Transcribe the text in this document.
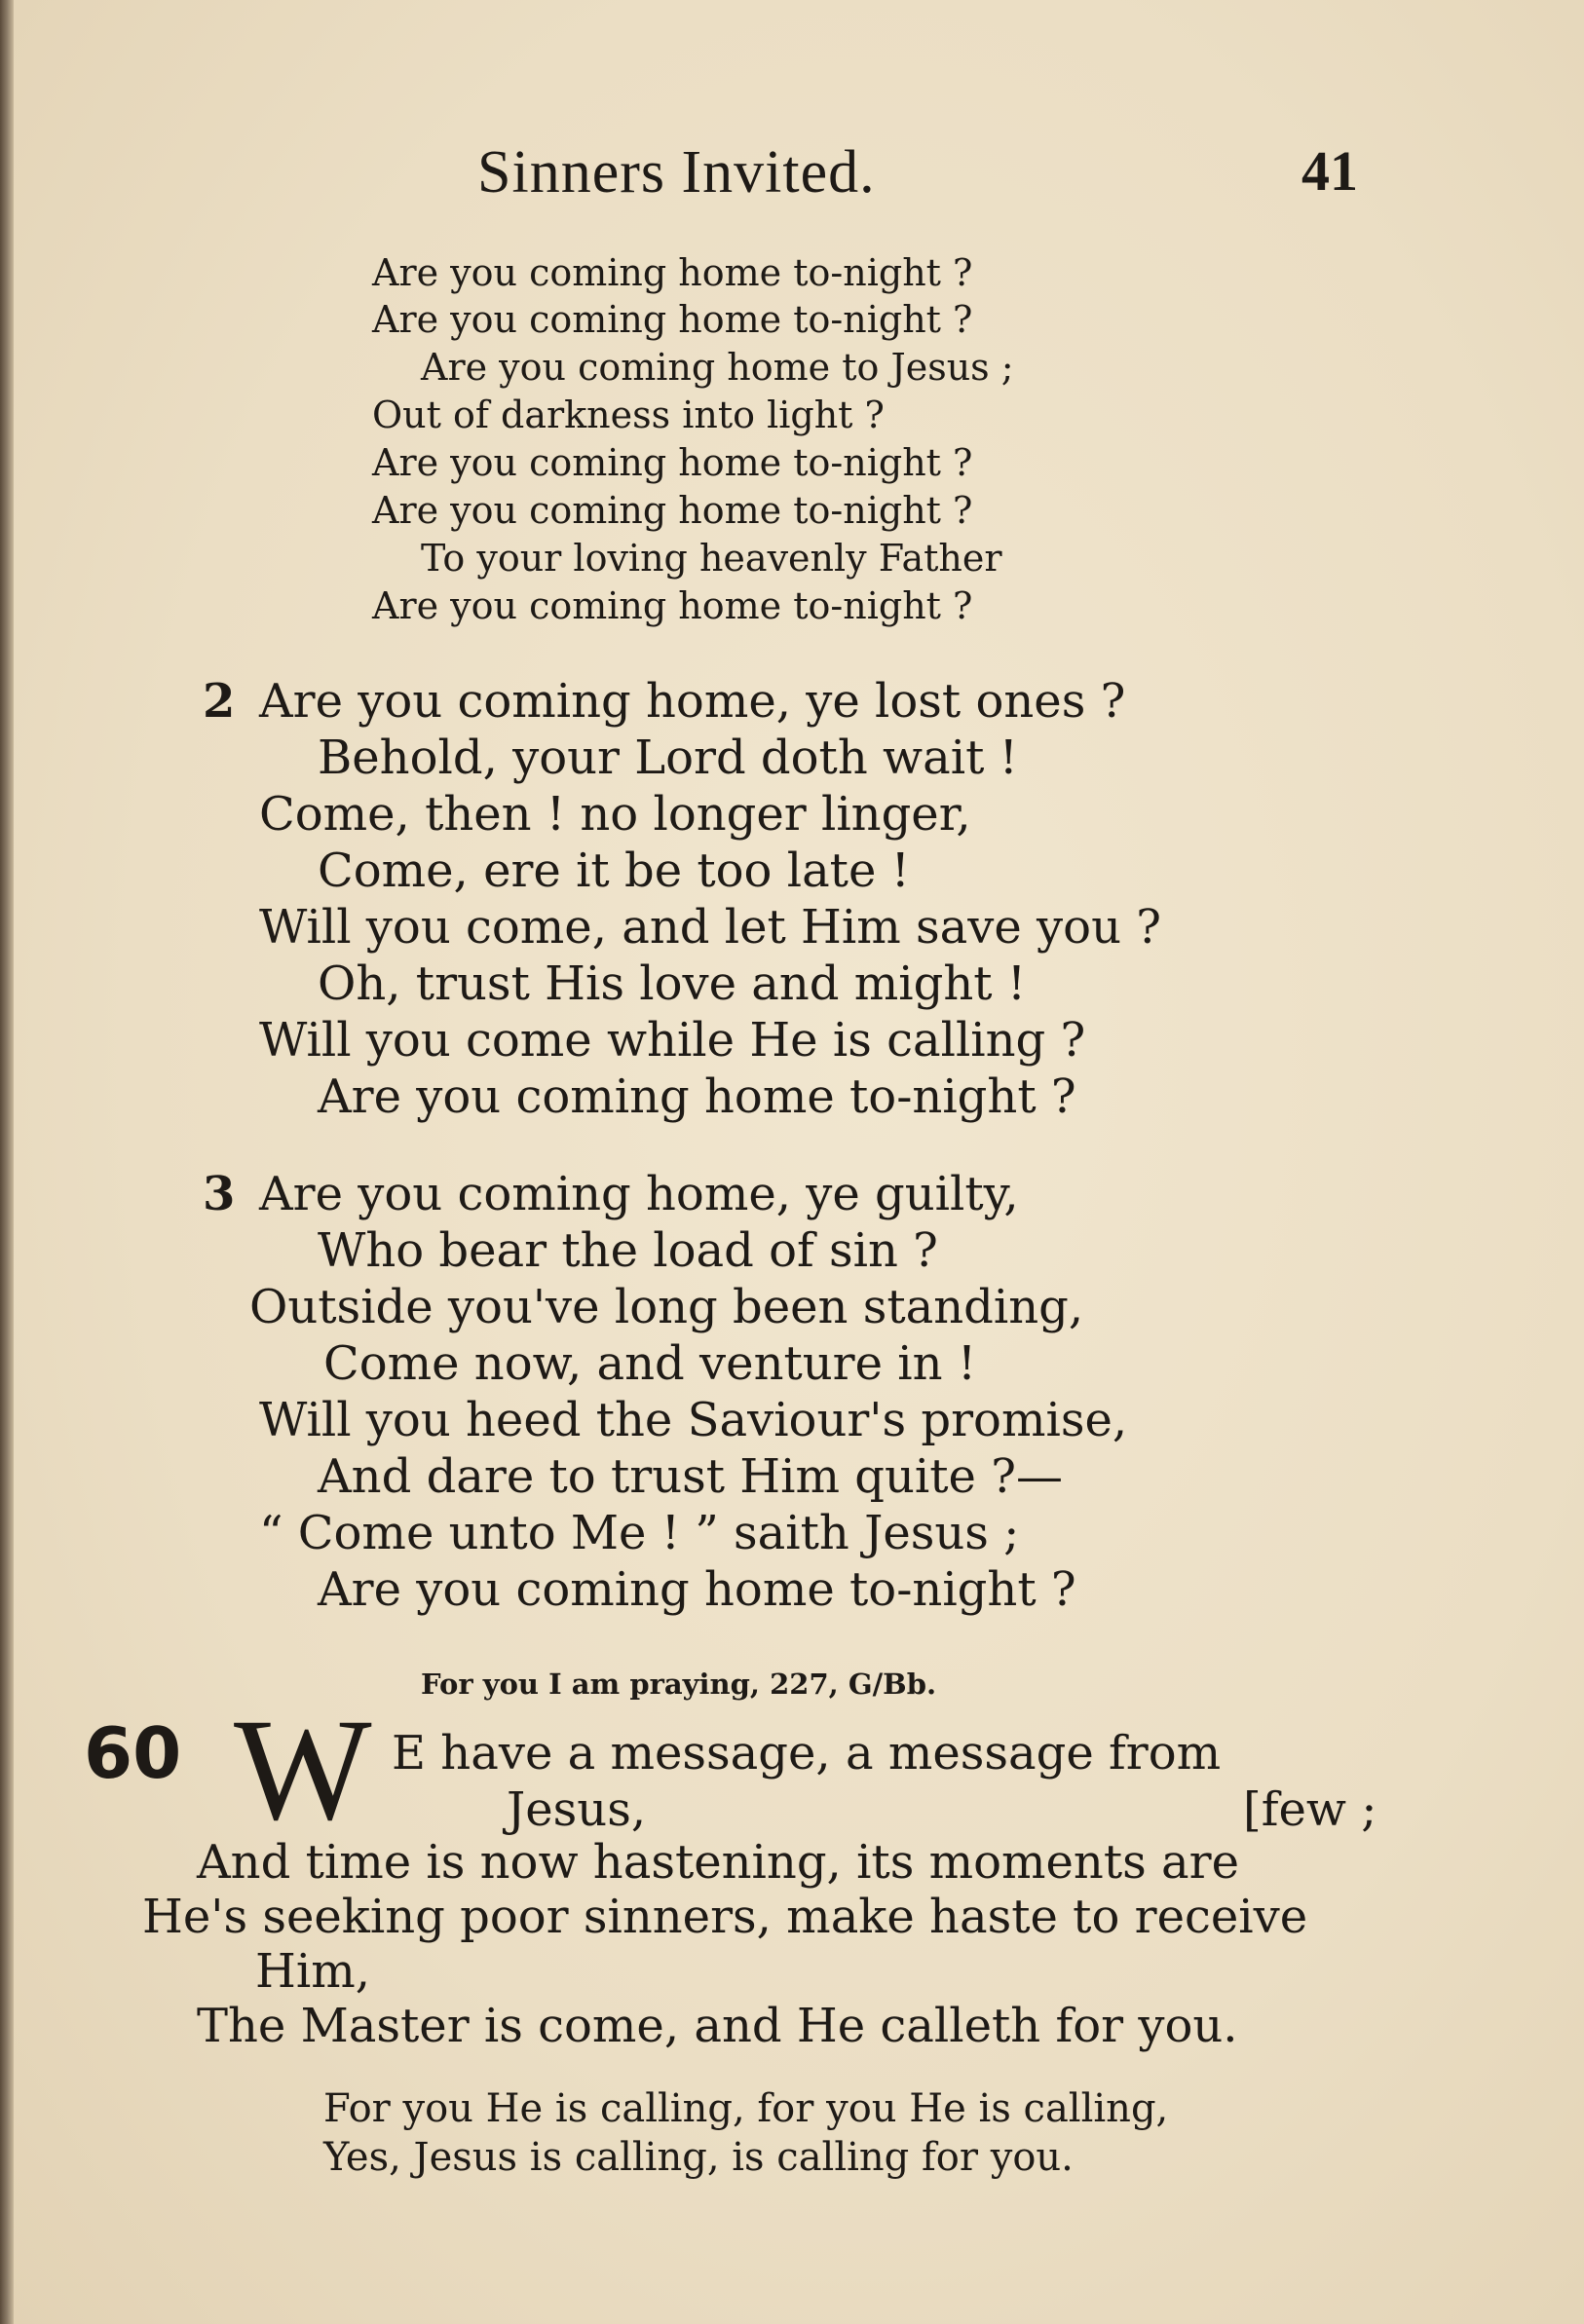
Sinners Invited.	41
Are you coming home to-night ?
Are you coming home to-night ?
Are you coming home to Jesus ;
Out of darkness into light ?
Are you coming home to-night ?
Are you coming home to-night ?
To your loving heavenly Father
Are you coming home to-night ?
2 Are you coming home, ye lost ones ?
Behold, your Lord doth wait !
Come, then ! no longer linger,
Come, ere it be too late !
Will you come, and let Him save you ?
Oh, trust His love and might !
Will you come while He is calling ?
Are you coming home to-night ?
3 Are you coming home, ye guilty,
Who bear the load of sin ?
Outside you've long been standing,
Come now, and venture in !
Will you heed the Saviour's promise,
And dare to trust Him quite ?—
“ Come unto Me ! ” saith Jesus ;
Are you coming home to-night ?
For you I am praying, 227, G/Bb.
60 W E have a message, a message from
Jesus,	[few ;
And time is now hastening, its moments are
He's seeking poor sinners, make haste to receive
Him,
The Master is come, and He calleth for you.
For you He is calling, for you He is calling,
Yes, Jesus is calling, is calling for you.
